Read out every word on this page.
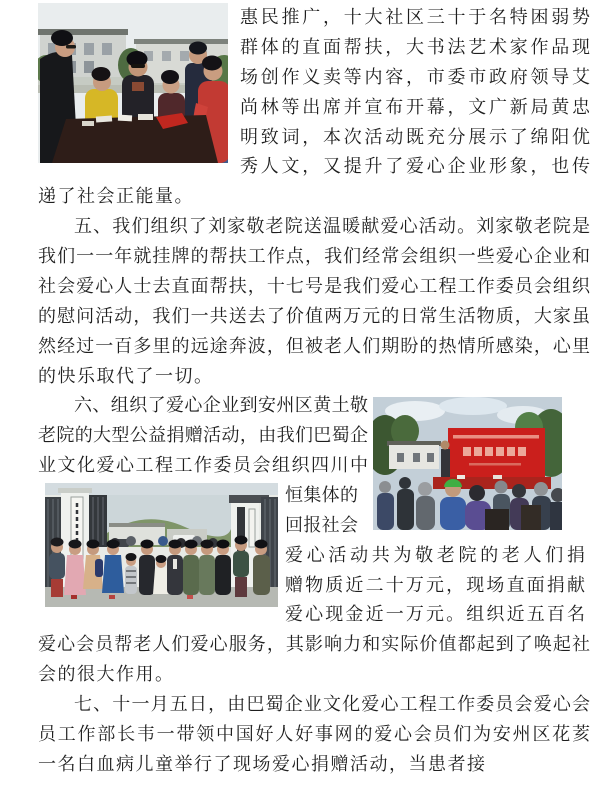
惠民推广，十大社区三十于名特困弱势
群体的直面帮扶，大书法艺术家作品现
场创作义卖等内容，市委市政府领导艾
尚林等出席并宣布开幕，文广新局黄忠
明致词，本次活动既充分展示了绵阳优
秀人文，又提升了爱心企业形象，也传
递了社会正能量。
五、我们组织了刘家敬老院送温暖献爱心活动。刘家敬老院是
我们一一年就挂牌的帮扶工作点，我们经常会组织一些爱心企业和
社会爱心人士去直面帮扶，十七号是我们爱心工程工作委员会组织
的慰问活动，我们一共送去了价值两万元的日常生活物质，大家虽
然经过一百多里的远途奔波，但被老人们期盼的热情所感染，心里
的快乐取代了一切。
六、组织了爱心企业到安州区黄土敬
老院的大型公益捐赠活动，由我们巴蜀企
业文化爱心工程工作委员会组织四川中
恒集体的
回报社会
爱心活动共为敬老院的老人们捐
赠物质近二十万元，现场直面捐献
爱心现金近一万元。组织近五百名
爱心会员帮老人们爱心服务，其影响力和实际价值都起到了唤起社
会的很大作用。
七、十一月五日，由巴蜀企业文化爱心工程工作委员会爱心会
员工作部长韦一带领中国好人好事网的爱心会员们为安州区花荄
一名白血病儿童举行了现场爱心捐赠活动，当患者接
